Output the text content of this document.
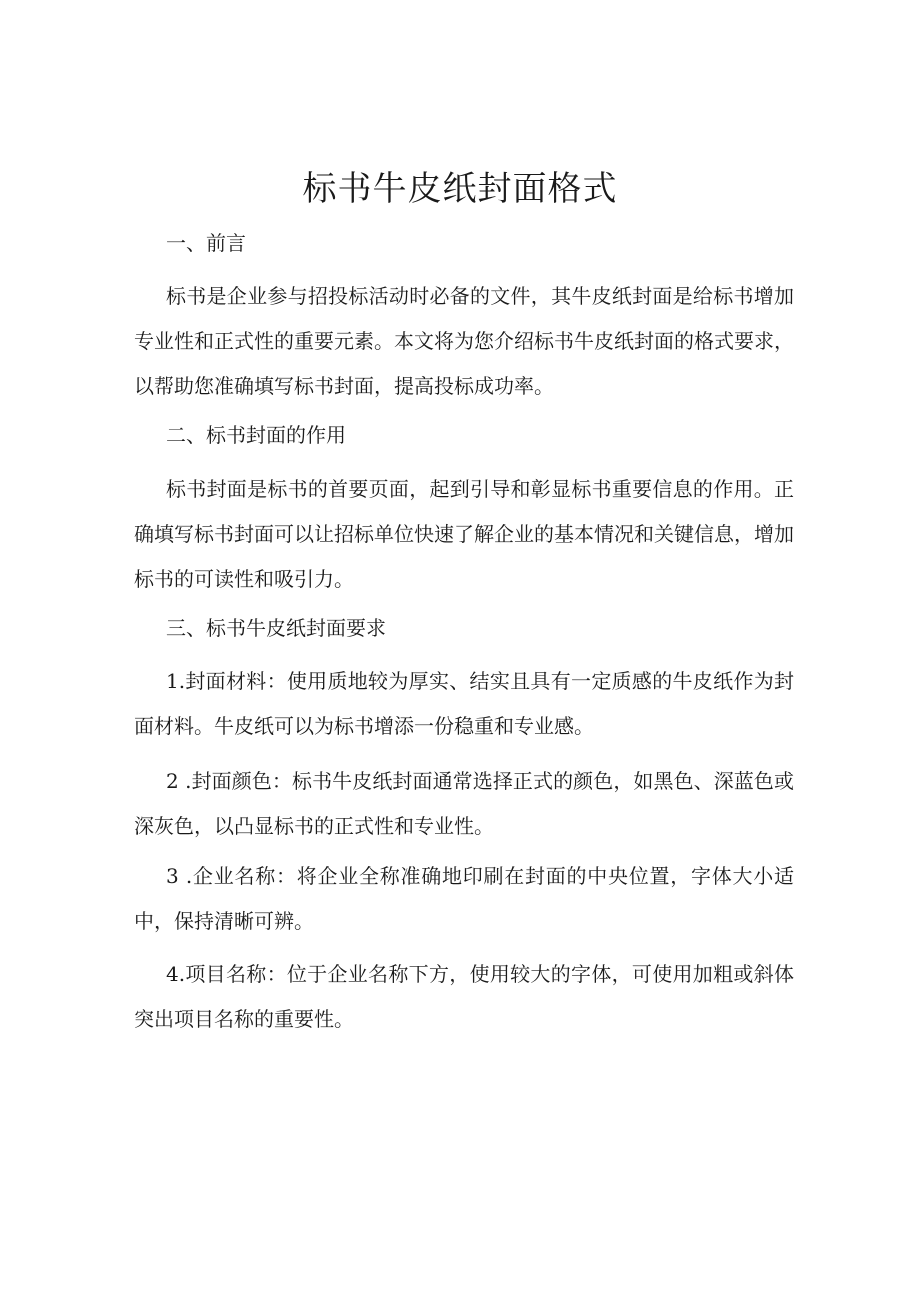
标书牛皮纸封面格式
一、前言
标书是企业参与招投标活动时必备的文件，其牛皮纸封面是给标书增加专业性和正式性的重要元素。本文将为您介绍标书牛皮纸封面的格式要求，以帮助您准确填写标书封面，提高投标成功率。
二、标书封面的作用
标书封面是标书的首要页面，起到引导和彰显标书重要信息的作用。正确填写标书封面可以让招标单位快速了解企业的基本情况和关键信息，增加标书的可读性和吸引力。
三、标书牛皮纸封面要求
1.封面材料：使用质地较为厚实、结实且具有一定质感的牛皮纸作为封面材料。牛皮纸可以为标书增添一份稳重和专业感。
2 .封面颜色：标书牛皮纸封面通常选择正式的颜色，如黑色、深蓝色或深灰色，以凸显标书的正式性和专业性。
3 .企业名称：将企业全称准确地印刷在封面的中央位置，字体大小适中，保持清晰可辨。
4.项目名称：位于企业名称下方，使用较大的字体，可使用加粗或斜体突出项目名称的重要性。
